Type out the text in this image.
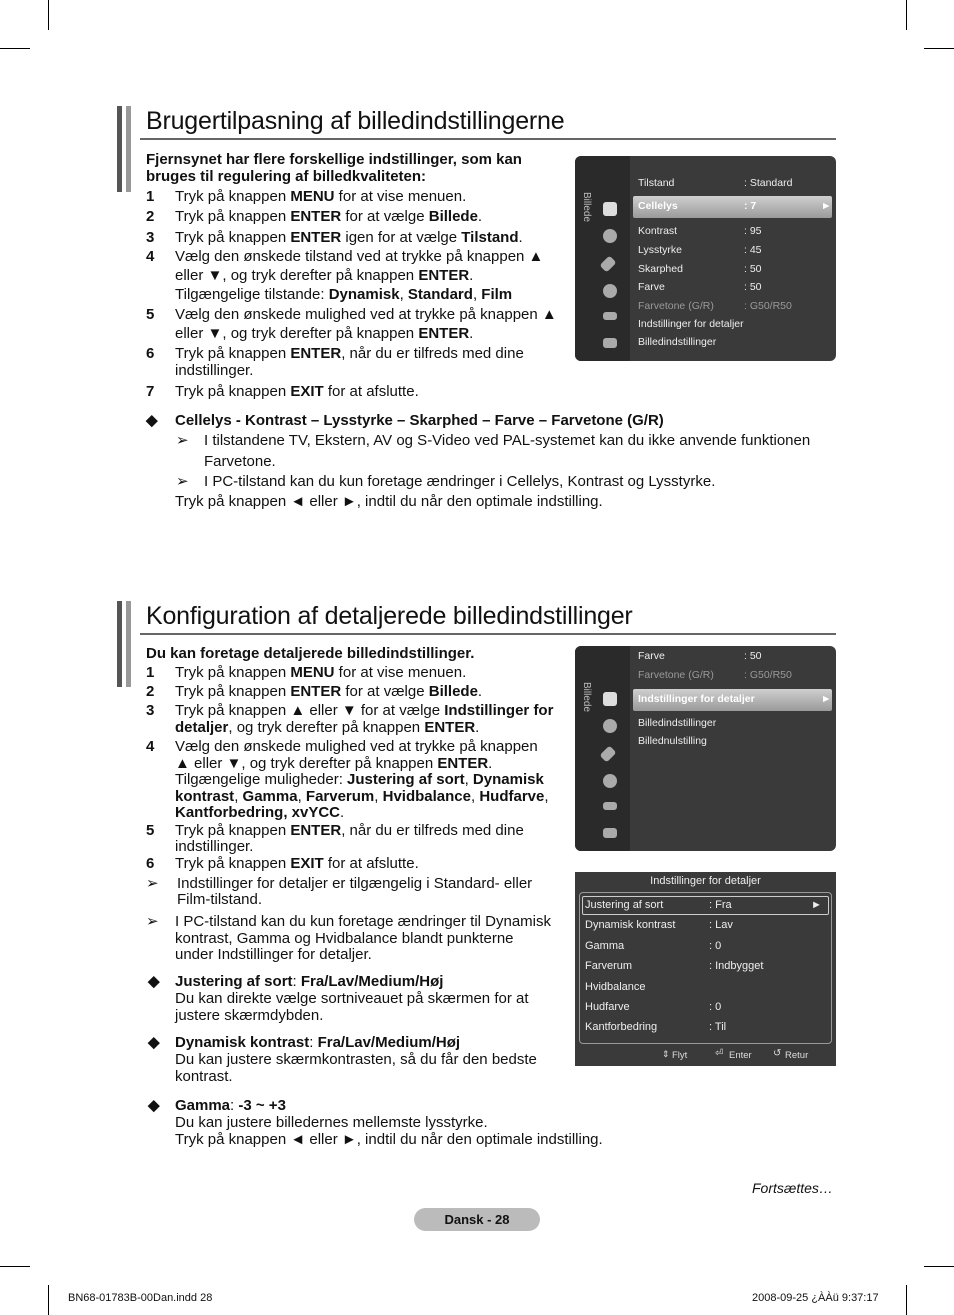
Brugertilpasning af billedindstillingerne
Fjernsynet har flere forskellige indstillinger, som kan
bruges til regulering af billedkvaliteten:
1 Tryk på knappen MENU for at vise menuen.
2 Tryk på knappen ENTER for at vælge Billede.
3 Tryk på knappen ENTER igen for at vælge Tilstand.
4 Vælg den ønskede tilstand ved at trykke på knappen ▲
eller ▼, og tryk derefter på knappen ENTER.
Tilgængelige tilstande: Dynamisk, Standard, Film
5 Vælg den ønskede mulighed ved at trykke på knappen ▲
eller ▼, og tryk derefter på knappen ENTER.
6 Tryk på knappen ENTER, når du er tilfreds med dine
indstillinger.
7 Tryk på knappen EXIT for at afslutte.
◆ Cellelys - Kontrast – Lysstyrke – Skarphed – Farve – Farvetone (G/R)
➢ I tilstandene TV, Ekstern, AV og S-Video ved PAL-systemet kan du ikke anvende funktionen
Farvetone.
➢ I PC-tilstand kan du kun foretage ændringer i Cellelys, Kontrast og Lysstyrke.
Tryk på knappen ◄ eller ►, indtil du når den optimale indstilling.
Billede
Tilstand	: Standard
Cellelys	: 7	►
Kontrast	: 95
Lysstyrke	: 45
Skarphed	: 50
Farve	: 50
Farvetone (G/R)	: G50/R50
Indstillinger for detaljer
Billedindstillinger
Konfiguration af detaljerede billedindstillinger
Du kan foretage detaljerede billedindstillinger.
1 Tryk på knappen MENU for at vise menuen.
2 Tryk på knappen ENTER for at vælge Billede.
3 Tryk på knappen ▲ eller ▼ for at vælge Indstillinger for
detaljer, og tryk derefter på knappen ENTER.
4 Vælg den ønskede mulighed ved at trykke på knappen
▲ eller ▼, og tryk derefter på knappen ENTER.
Tilgængelige muligheder: Justering af sort, Dynamisk
kontrast, Gamma, Farverum, Hvidbalance, Hudfarve,
Kantforbedring, xvYCC.
5 Tryk på knappen ENTER, når du er tilfreds med dine
indstillinger.
6 Tryk på knappen EXIT for at afslutte.
➢ Indstillinger for detaljer er tilgængelig i Standard- eller
Film-tilstand.
➢ I PC-tilstand kan du kun foretage ændringer til Dynamisk
kontrast, Gamma og Hvidbalance blandt punkterne
under Indstillinger for detaljer.
◆ Justering af sort: Fra/Lav/Medium/Høj
Du kan direkte vælge sortniveauet på skærmen for at
justere skærmdybden.
◆ Dynamisk kontrast: Fra/Lav/Medium/Høj
Du kan justere skærmkontrasten, så du får den bedste
kontrast.
◆ Gamma: -3 ~ +3
Du kan justere billedernes mellemste lysstyrke.
Tryk på knappen ◄ eller ►, indtil du når den optimale indstilling.
Billede
Farve	: 50
Farvetone (G/R)	: G50/R50
Indstillinger for detaljer	►
Billedindstillinger
Billednulstilling
Indstillinger for detaljer
Justering af sort	: Fra
Dynamisk kontrast	: Lav
Gamma	: 0
Farverum	: Indbygget
Hvidbalance
Hudfarve	: 0
Kantforbedring	: Til
►
⇕ Flyt	⏎ Enter ↺ Retur
Fortsættes…
Dansk - 28
BN68-01783B-00Dan.indd 28	2008-09-25 ¿ÀÀü 9:37:17
